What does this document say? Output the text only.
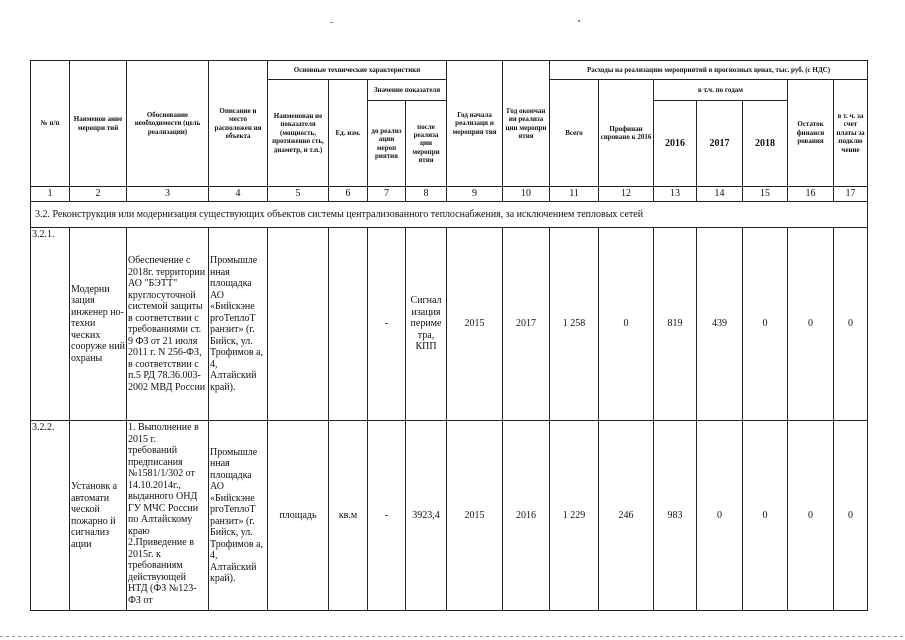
№ п/п	Наименов ание меропри тий	Обоснование необходимости (цель реализации)	Описание и место расположен ия объекта	Основные технические характеристики				Год начала реализаци и мероприя тия	Год окончан ия реализа ции меропри ятия	Расходы на реализацию мероприятий в прогнозных ценах, тыс. руб. (с НДС)						
				Наименован ие показателя (мощность, протяженно сть, диаметр, и т.п.)	Ед. изм.	Значение показателя				Всего	Профинан сировано к 2016	в т.ч. по годам			Остаток финанси рования	в т. ч. за счет платы за подклю чение
						до реализ ации мероп риятия	после реализа ции меропри ятия					2016	2017	2018		

1	2	3	4	5	6	7	8	9	10	11	12	13	14	15	16	17
3.2. Реконструкция или модернизация существующих объектов системы централизованного теплоснабжения, за исключением тепловых сетей																
3.2.1.	Модерни зация инженер но-техни ческих сооруже ний охраны	Обеспечение с 2018г. территории АО "БЭТТ" круглосуточной системой защиты в соответствии с требованиями ст. 9 ФЗ от 21 июля 2011 г. N 256-ФЗ, в соответствии с п.5 РД 78.36.003-2002 МВД России	Промышле нная площадка АО «Бийскэне ргоТеплоТ ранзит» (г. Бийск, ул. Трофимов а, 4, Алтайский край).			-	Сигнал изация периме тра, КПП	2015	2017	1 258	0	819	439	0	0	0
3.2.2.	Установк а автомати ческой пожарно й сигнализ ации	1. Выполнение в 2015 г. требований предписания №1581/1/302 от 14.10.2014г., выданного ОНД ГУ МЧС России по Алтайскому краю 2.Приведение в 2015г. к требованиям действующей НТД (ФЗ №123-ФЗ от	Промышле нная площадка АО «Бийскэне ргоТеплоТ ранзит» (г. Бийск, ул. Трофимов а, 4, Алтайский край).	площадь	кв.м	-	3923,4	2015	2016	1 229	246	983	0	0	0	0
